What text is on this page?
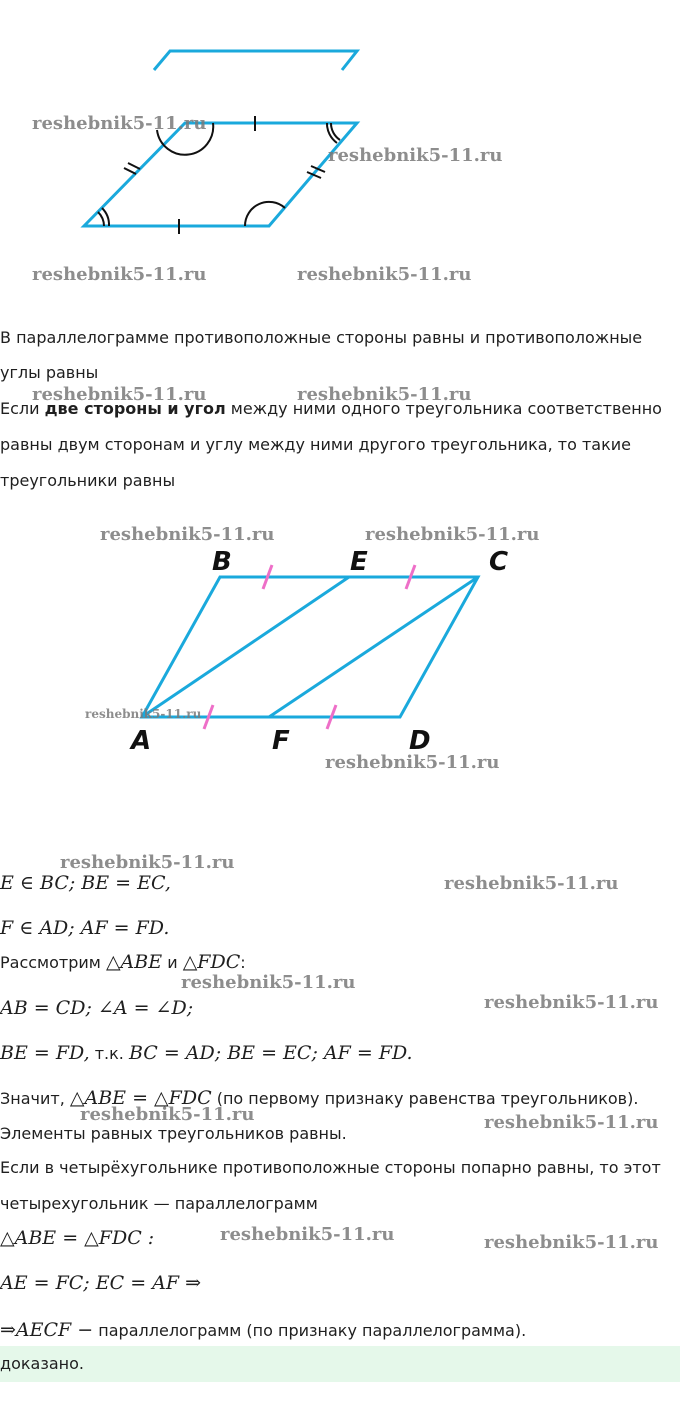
В параллелограмме противоположные стороны равны и противоположные
углы равны
Если две стороны и угол между ними одного треугольника соответственно
равны двум сторонам и углу между ними другого треугольника, то такие
треугольники равны
B	E	C
A	F	D
E ∈ BC; BE = EC,
F ∈ AD; AF = FD.
Рассмотрим △ABE и △FDC:
AB = CD; ∠A = ∠D;
BE = FD, т.к. BC = AD; BE = EC; AF = FD.
Значит, △ABE = △FDC (по первому признаку равенства треугольников).
Элементы равных треугольников равны.
Если в четырёхугольнике противоположные стороны попарно равны, то этот
четырехугольник — параллелограмм
△ABE = △FDC :
AE = FC; EC = AF ⇒
⇒AECF − параллелограмм (по признаку параллелограмма).
доказано.
reshebnik5-11.ru
reshebnik5-11.ru
reshebnik5-11.ru	reshebnik5-11.ru
reshebnik5-11.ru	reshebnik5-11.ru
reshebnik5-11.ru	reshebnik5-11.ru
reshebnik5-11.ru
reshebnik5-11.ru
reshebnik5-11.ru
reshebnik5-11.ru
reshebnik5-11.ru
reshebnik5-11.ru
reshebnik5-11.ru	reshebnik5-11.ru
reshebnik5-11.ru	reshebnik5-11.ru
